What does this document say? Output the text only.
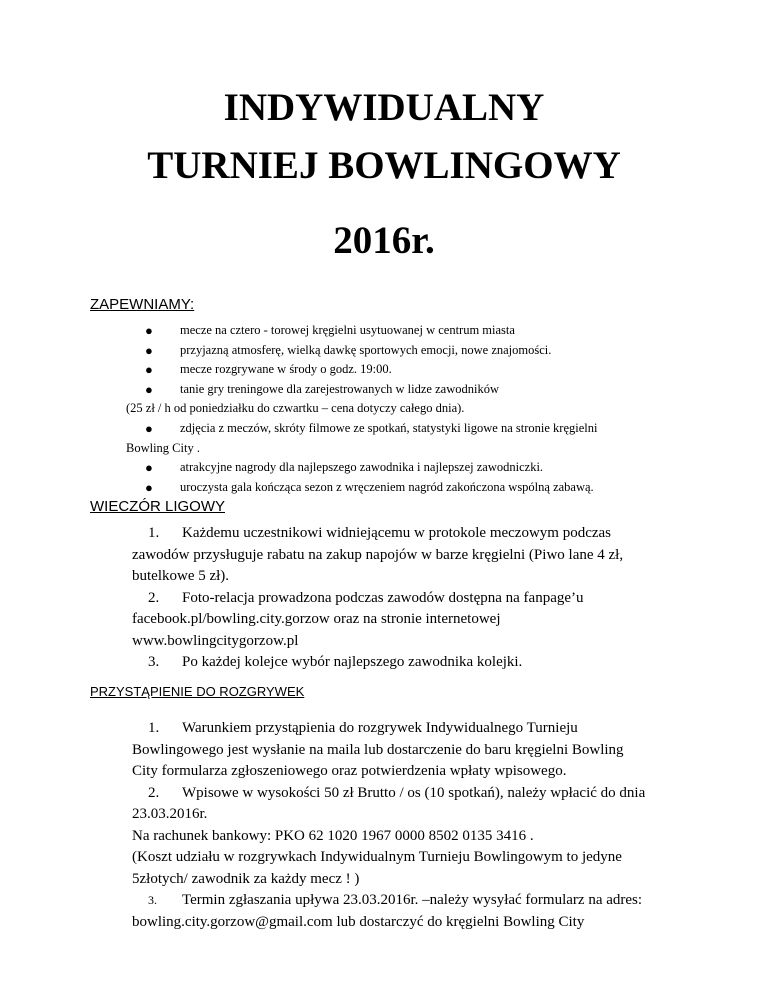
INDYWIDUALNY
TURNIEJ BOWLINGOWY
2016r.
ZAPEWNIAMY:
● mecze na cztero - torowej kręgielni usytuowanej w centrum miasta
● przyjazną atmosferę, wielką dawkę sportowych emocji, nowe znajomości.
● mecze rozgrywane w środy o godz. 19:00.
● tanie gry treningowe dla zarejestrowanych w lidze zawodników
(25 zł / h od poniedziałku do czwartku – cena dotyczy całego dnia).
● zdjęcia z meczów, skróty filmowe ze spotkań, statystyki ligowe na stronie kręgielni
Bowling City .
● atrakcyjne nagrody dla najlepszego zawodnika i najlepszej zawodniczki.
● uroczysta gala kończąca sezon z wręczeniem nagród zakończona wspólną zabawą.
WIECZÓR LIGOWY
1.	Każdemu uczestnikowi widniejącemu w protokole meczowym podczas
zawodów przysługuje rabatu na zakup napojów w barze kręgielni (Piwo lane 4 zł,
butelkowe 5 zł).
2.	Foto-relacja prowadzona podczas zawodów dostępna na fanpage’u
facebook.pl/bowling.city.gorzow oraz na stronie internetowej
www.bowlingcitygorzow.pl
3.	Po każdej kolejce wybór najlepszego zawodnika kolejki.
PRZYSTĄPIENIE DO ROZGRYWEK
1.	Warunkiem przystąpienia do rozgrywek Indywidualnego Turnieju
Bowlingowego jest wysłanie na maila lub dostarczenie do baru kręgielni Bowling
City formularza zgłoszeniowego oraz potwierdzenia wpłaty wpisowego.
2.	Wpisowe w wysokości 50 zł Brutto / os (10 spotkań), należy wpłacić do dnia
23.03.2016r.
Na rachunek bankowy: PKO 62 1020 1967 0000 8502 0135 3416 .
(Koszt udziału w rozgrywkach Indywidualnym Turnieju Bowlingowym to jedyne
5złotych/ zawodnik za każdy mecz ! )
3.	Termin zgłaszania upływa 23.03.2016r. –należy wysyłać formularz na adres:
bowling.city.gorzow@gmail.com lub dostarczyć do kręgielni Bowling City
